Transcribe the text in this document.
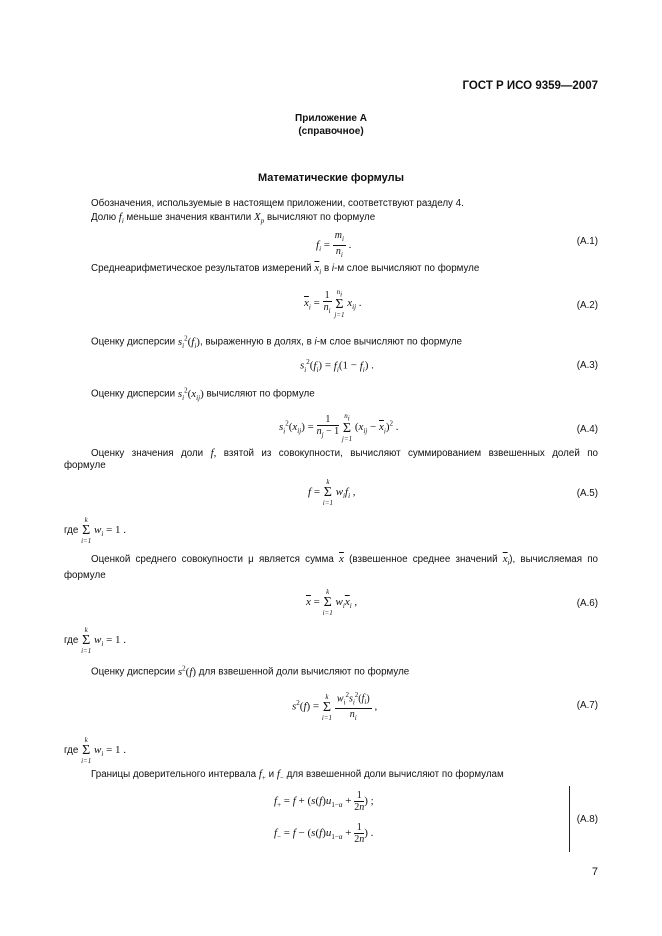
ГОСТ Р ИСО 9359—2007
Приложение А
(справочное)
Математические формулы
Обозначения, используемые в настоящем приложении, соответствуют разделу 4.
Долю $f_i$ меньше значения квантили $X_p$ вычисляют по формуле
$f_i = \frac{m_i}{n_i}$ .	(А.1)
Среднеарифметическое результатов измерений $\overline{x}_i$ в i-м слое вычисляют по формуле
$\overline{x}_i = \frac{1}{n_i}$
$n_i$
Σ
j=1
$x_{ij}$ .	(А.2)
Оценку дисперсии $s_i^2(f_i)$, выраженную в долях, в i-м слое вычисляют по формуле
$s_i^2(f_i) = f_i(1 - f_i)$ .	(А.3)
Оценку дисперсии $s_i^2(x_{ij})$ вычисляют по формуле
$s_i^2(x_{ij}) = \frac{1}{n_j - 1}$
$n_i$
Σ
j=1
$(x_{ij} - \overline{x}_i)^2$ .	(А.4)
Оценку значения доли f, взятой из совокупности, вычисляют суммированием взвешенных долей по
формуле
f =
k
Σ
i=1
$w_if_i$ ,	(А.5)
где
k
Σ
i=1
$w_i = 1$ .
Оценкой среднего совокупности μ является сумма $\overline{x}$ (взвешенное среднее значений $\overline{x}_i$), вычисляемая по
формуле
$\overline{x}$ =
k
Σ
i=1
$w_i\overline{x}_i$ ,	(А.6)
где
k
Σ
i=1
$w_i = 1$ .
Оценку дисперсии $s^2(f)$ для взвешенной доли вычисляют по формуле
$s^2(f)$ =
k
Σ
i=1
$\frac{w_i^2s_i^2(f_i)}{n_i}$ ,	(А.7)
где
k
Σ
i=1
$w_i = 1$ .
Границы доверительного интервала $f_+$ и $f_-$ для взвешенной доли вычисляют по формулам
$f_+ = f + (s(f)u_{1-\alpha} + \frac{1}{2n}$ ) ;
$f_- = f - (s(f)u_{1-\alpha} + \frac{1}{2n}$ ) .
(А.8)
7
